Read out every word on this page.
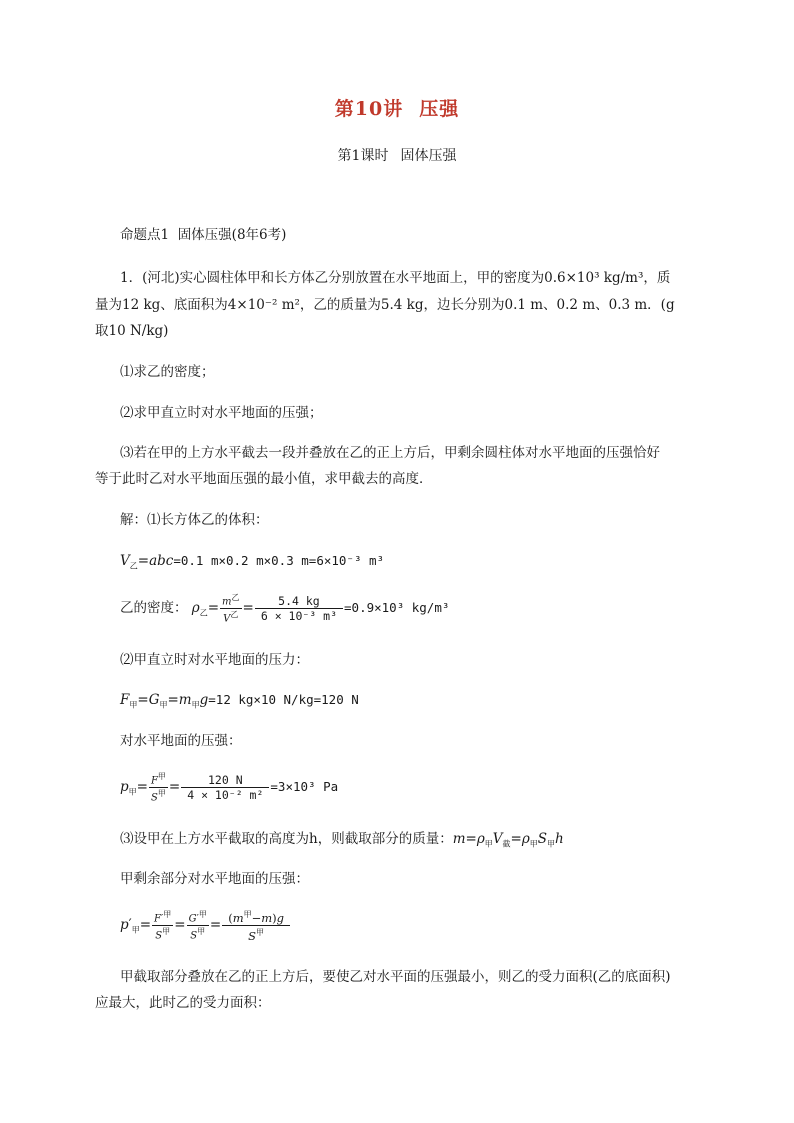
第10讲 压强
第1课时 固体压强
命题点1 固体压强(8年6考)
1．(河北)实心圆柱体甲和长方体乙分别放置在水平地面上，甲的密度为0.6×10³ kg/m³，质
量为12 kg、底面积为4×10⁻² m²，乙的质量为5.4 kg，边长分别为0.1 m、0.2 m、0.3 m．(g
取10 N/kg)
⑴求乙的密度；
⑵求甲直立时对水平地面的压强；
⑶若在甲的上方水平截去一段并叠放在乙的正上方后，甲剩余圆柱体对水平地面的压强恰好
等于此时乙对水平地面压强的最小值，求甲截去的高度．
解：⑴长方体乙的体积：
$V_乙=abc=0.1$ m×0.2 m×0.3 m=6×10⁻³ m³
乙的密度： $\rho_乙= \frac{m^乙}{V^乙} = \frac{5.4 kg}{\text{6 × 10⁻³ m³}} =0.9\times 10^3$ kg/m³
⑵甲直立时对水平地面的压力：
$F_甲=G_甲=m_甲g=12$ kg×10 N/kg=120 N
对水平地面的压强：
$p_甲= \frac{F^甲}{S^甲} = \frac{120 N}{\text{4 × 10⁻² m²}} =3\times 10^3$ Pa
⑶设甲在上方水平截取的高度为h，则截取部分的质量：$m=\rho_甲V_截=\rho_甲S_甲h$
甲剩余部分对水平地面的压强：
$p'_甲= \frac{F'^甲}{S^甲} = \frac{G'^甲}{S^甲} = \frac{(m^甲-m)g}{S^甲}$
甲截取部分叠放在乙的正上方后，要使乙对水平面的压强最小，则乙的受力面积(乙的底面积)
应最大，此时乙的受力面积：
